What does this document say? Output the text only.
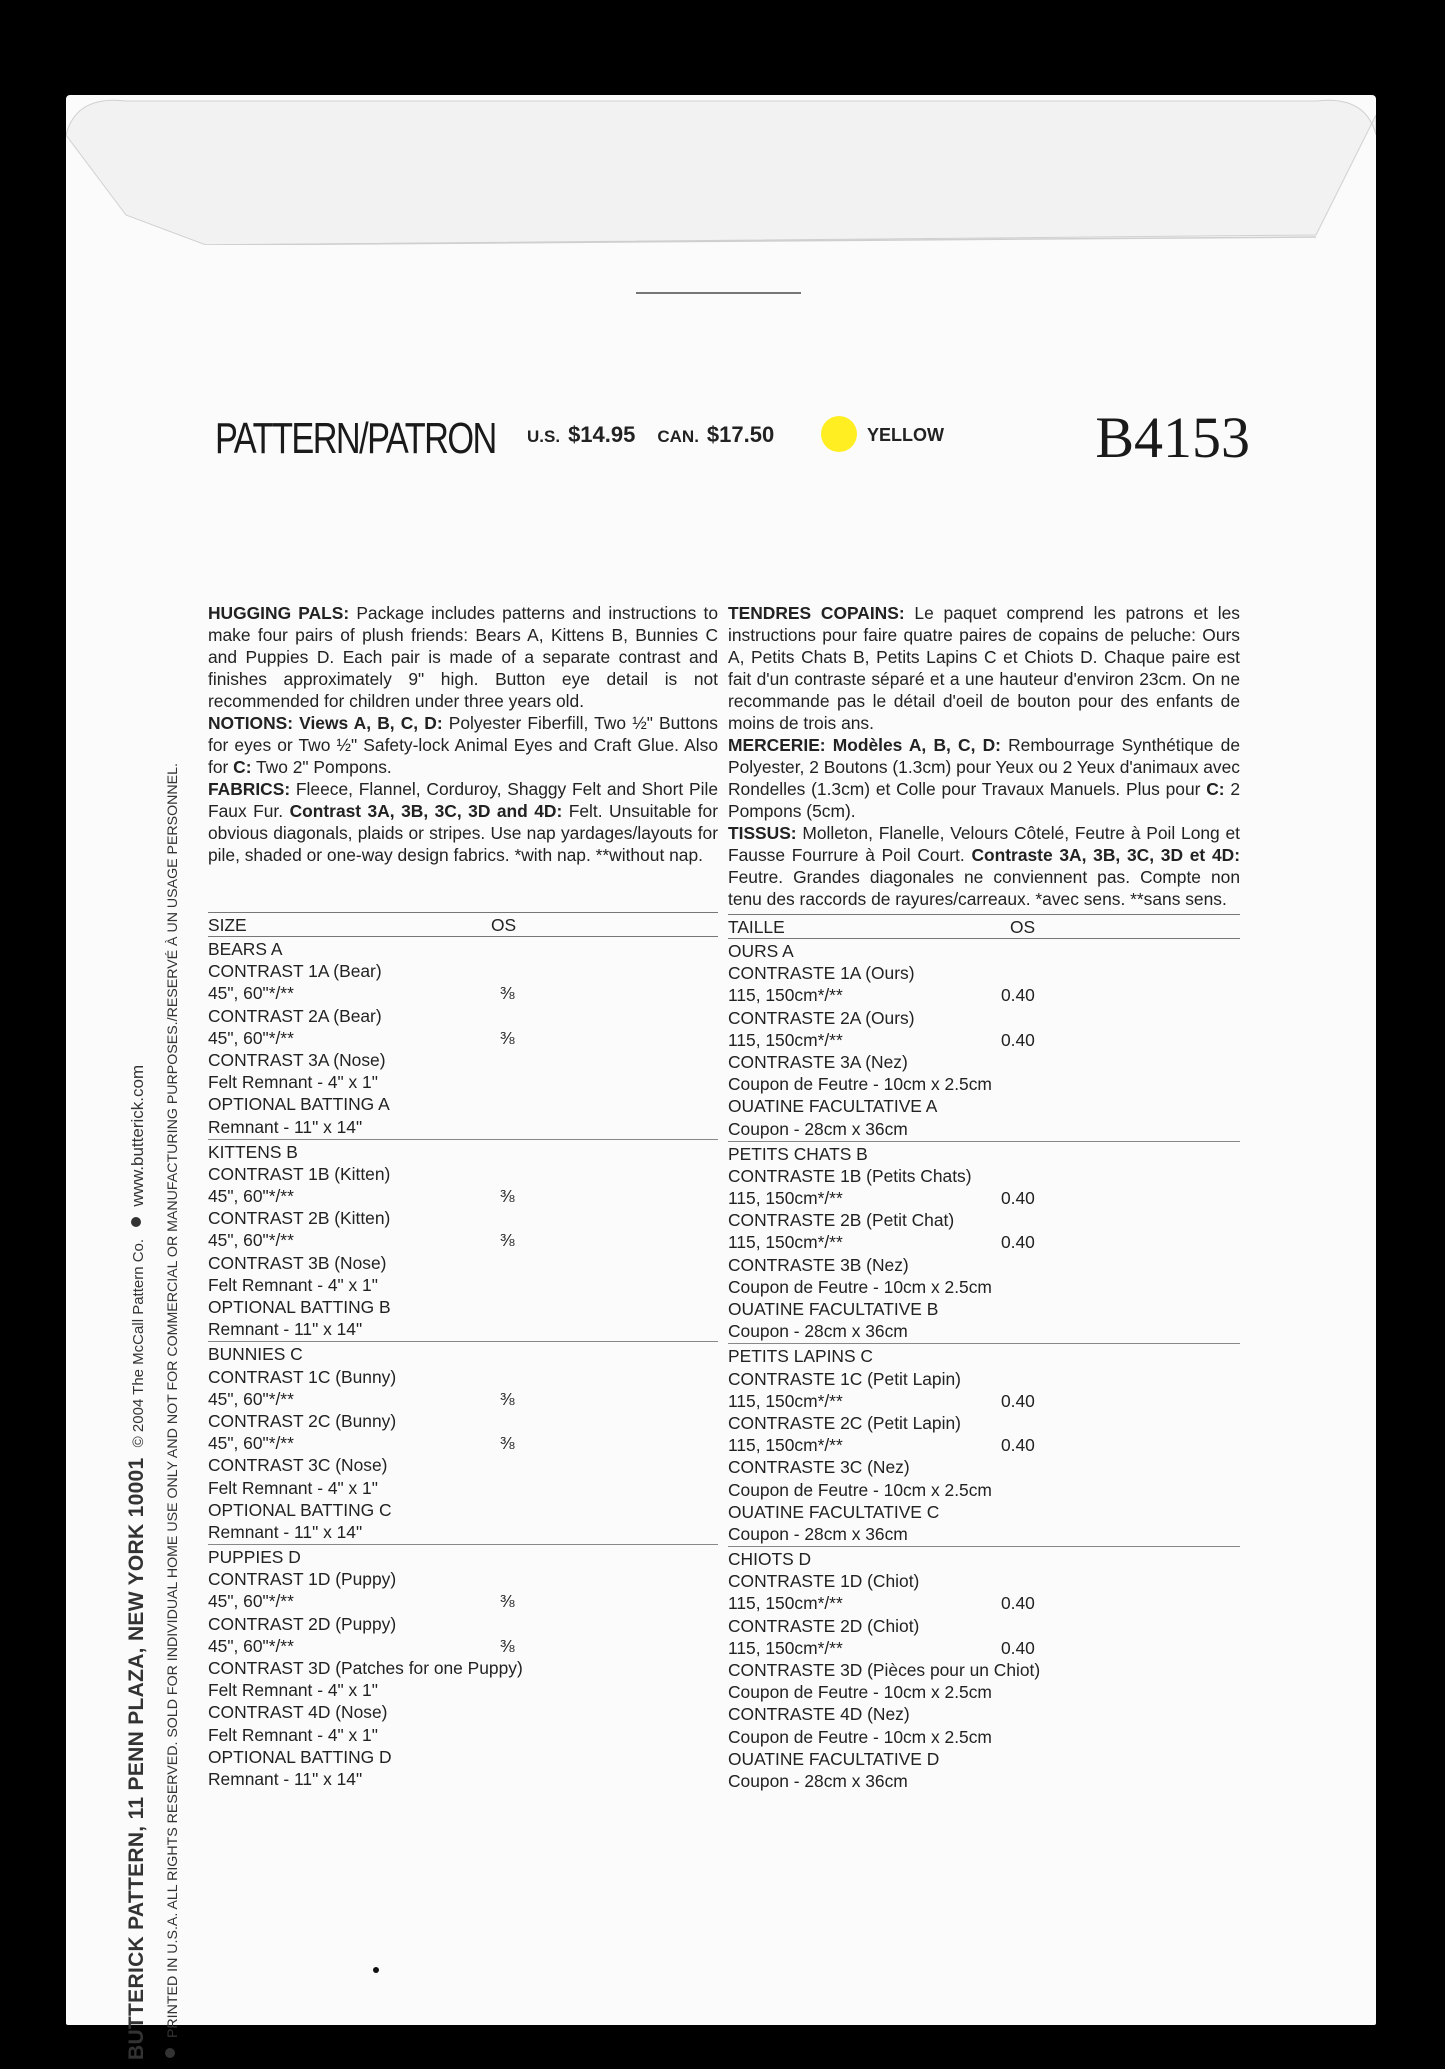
PATTERN/PATRON U.S. $14.95 CAN. $17.50	YELLOW	B4153
BUTTERICK PATTERN, 11 PENN PLAZA, NEW YORK 10001 © 2004 The McCall Pattern Co.  www.butterick.com PRINTED IN U.S.A. ALL RIGHTS RESERVED. SOLD FOR INDIVIDUAL HOME USE ONLY AND NOT FOR COMMERCIAL OR MANUFACTURING PURPOSES./RESERVÉ À UN USAGE PERSONNEL.

HUGGING PALS: Package includes patterns and instructions to make four pairs of plush friends: Bears A, Kittens B, Bunnies C and Puppies D. Each pair is made of a separate contrast and finishes approximately 9" high. Button eye detail is not recommended for children under three years old.

NOTIONS: Views A, B, C, D: Polyester Fiberfill, Two ½" Buttons for eyes or Two ½" Safety-lock Animal Eyes and Craft Glue. Also for C: Two 2" Pompons.

FABRICS: Fleece, Flannel, Corduroy, Shaggy Felt and Short Pile Faux Fur. Contrast 3A, 3B, 3C, 3D and 4D: Felt. Unsuitable for obvious diagonals, plaids or stripes. Use nap yardages/layouts for pile, shaded or one-way design fabrics. *with nap. **without nap.

SIZE	OS
BEARS A
CONTRAST 1A (Bear)
45", 60"*/**	⅜
CONTRAST 2A (Bear)
45", 60"*/**	⅜
CONTRAST 3A (Nose)
Felt Remnant - 4" x 1"
OPTIONAL BATTING A
Remnant - 11" x 14"
KITTENS B
CONTRAST 1B (Kitten)
45", 60"*/**	⅜
CONTRAST 2B (Kitten)
45", 60"*/**	⅜
CONTRAST 3B (Nose)
Felt Remnant - 4" x 1"
OPTIONAL BATTING B
Remnant - 11" x 14"
BUNNIES C
CONTRAST 1C (Bunny)
45", 60"*/**	⅜
CONTRAST 2C (Bunny)
45", 60"*/**	⅜
CONTRAST 3C (Nose)
Felt Remnant - 4" x 1"
OPTIONAL BATTING C
Remnant - 11" x 14"
PUPPIES D
CONTRAST 1D (Puppy)
45", 60"*/**	⅜
CONTRAST 2D (Puppy)
45", 60"*/**	⅜
CONTRAST 3D (Patches for one Puppy)
Felt Remnant - 4" x 1"
CONTRAST 4D (Nose)
Felt Remnant - 4" x 1"
OPTIONAL BATTING D
Remnant - 11" x 14"

TENDRES COPAINS: Le paquet comprend les patrons et les instructions pour faire quatre paires de copains de peluche: Ours A, Petits Chats B, Petits Lapins C et Chiots D. Chaque paire est fait d'un contraste séparé et a une hauteur d'environ 23cm. On ne recommande pas le détail d'oeil de bouton pour des enfants de moins de trois ans.

MERCERIE: Modèles A, B, C, D: Rembourrage Synthétique de Polyester, 2 Boutons (1.3cm) pour Yeux ou 2 Yeux d'animaux avec Rondelles (1.3cm) et Colle pour Travaux Manuels. Plus pour C: 2 Pompons (5cm).

TISSUS: Molleton, Flanelle, Velours Côtelé, Feutre à Poil Long et Fausse Fourrure à Poil Court. Contraste 3A, 3B, 3C, 3D et 4D: Feutre. Grandes diagonales ne conviennent pas. Compte non tenu des raccords de rayures/carreaux. *avec sens. **sans sens.

TAILLE	OS
OURS A
CONTRASTE 1A (Ours)
115, 150cm*/**	0.40
CONTRASTE 2A (Ours)
115, 150cm*/**	0.40
CONTRASTE 3A (Nez)
Coupon de Feutre - 10cm x 2.5cm
OUATINE FACULTATIVE A
Coupon - 28cm x 36cm
PETITS CHATS B
CONTRASTE 1B (Petits Chats)
115, 150cm*/**	0.40
CONTRASTE 2B (Petit Chat)
115, 150cm*/**	0.40
CONTRASTE 3B (Nez)
Coupon de Feutre - 10cm x 2.5cm
OUATINE FACULTATIVE B
Coupon - 28cm x 36cm
PETITS LAPINS C
CONTRASTE 1C (Petit Lapin)
115, 150cm*/**	0.40
CONTRASTE 2C (Petit Lapin)
115, 150cm*/**	0.40
CONTRASTE 3C (Nez)
Coupon de Feutre - 10cm x 2.5cm
OUATINE FACULTATIVE C
Coupon - 28cm x 36cm
CHIOTS D
CONTRASTE 1D (Chiot)
115, 150cm*/**	0.40
CONTRASTE 2D (Chiot)
115, 150cm*/**	0.40
CONTRASTE 3D (Pièces pour un Chiot)
Coupon de Feutre - 10cm x 2.5cm
CONTRASTE 4D (Nez)
Coupon de Feutre - 10cm x 2.5cm
OUATINE FACULTATIVE D
Coupon - 28cm x 36cm
